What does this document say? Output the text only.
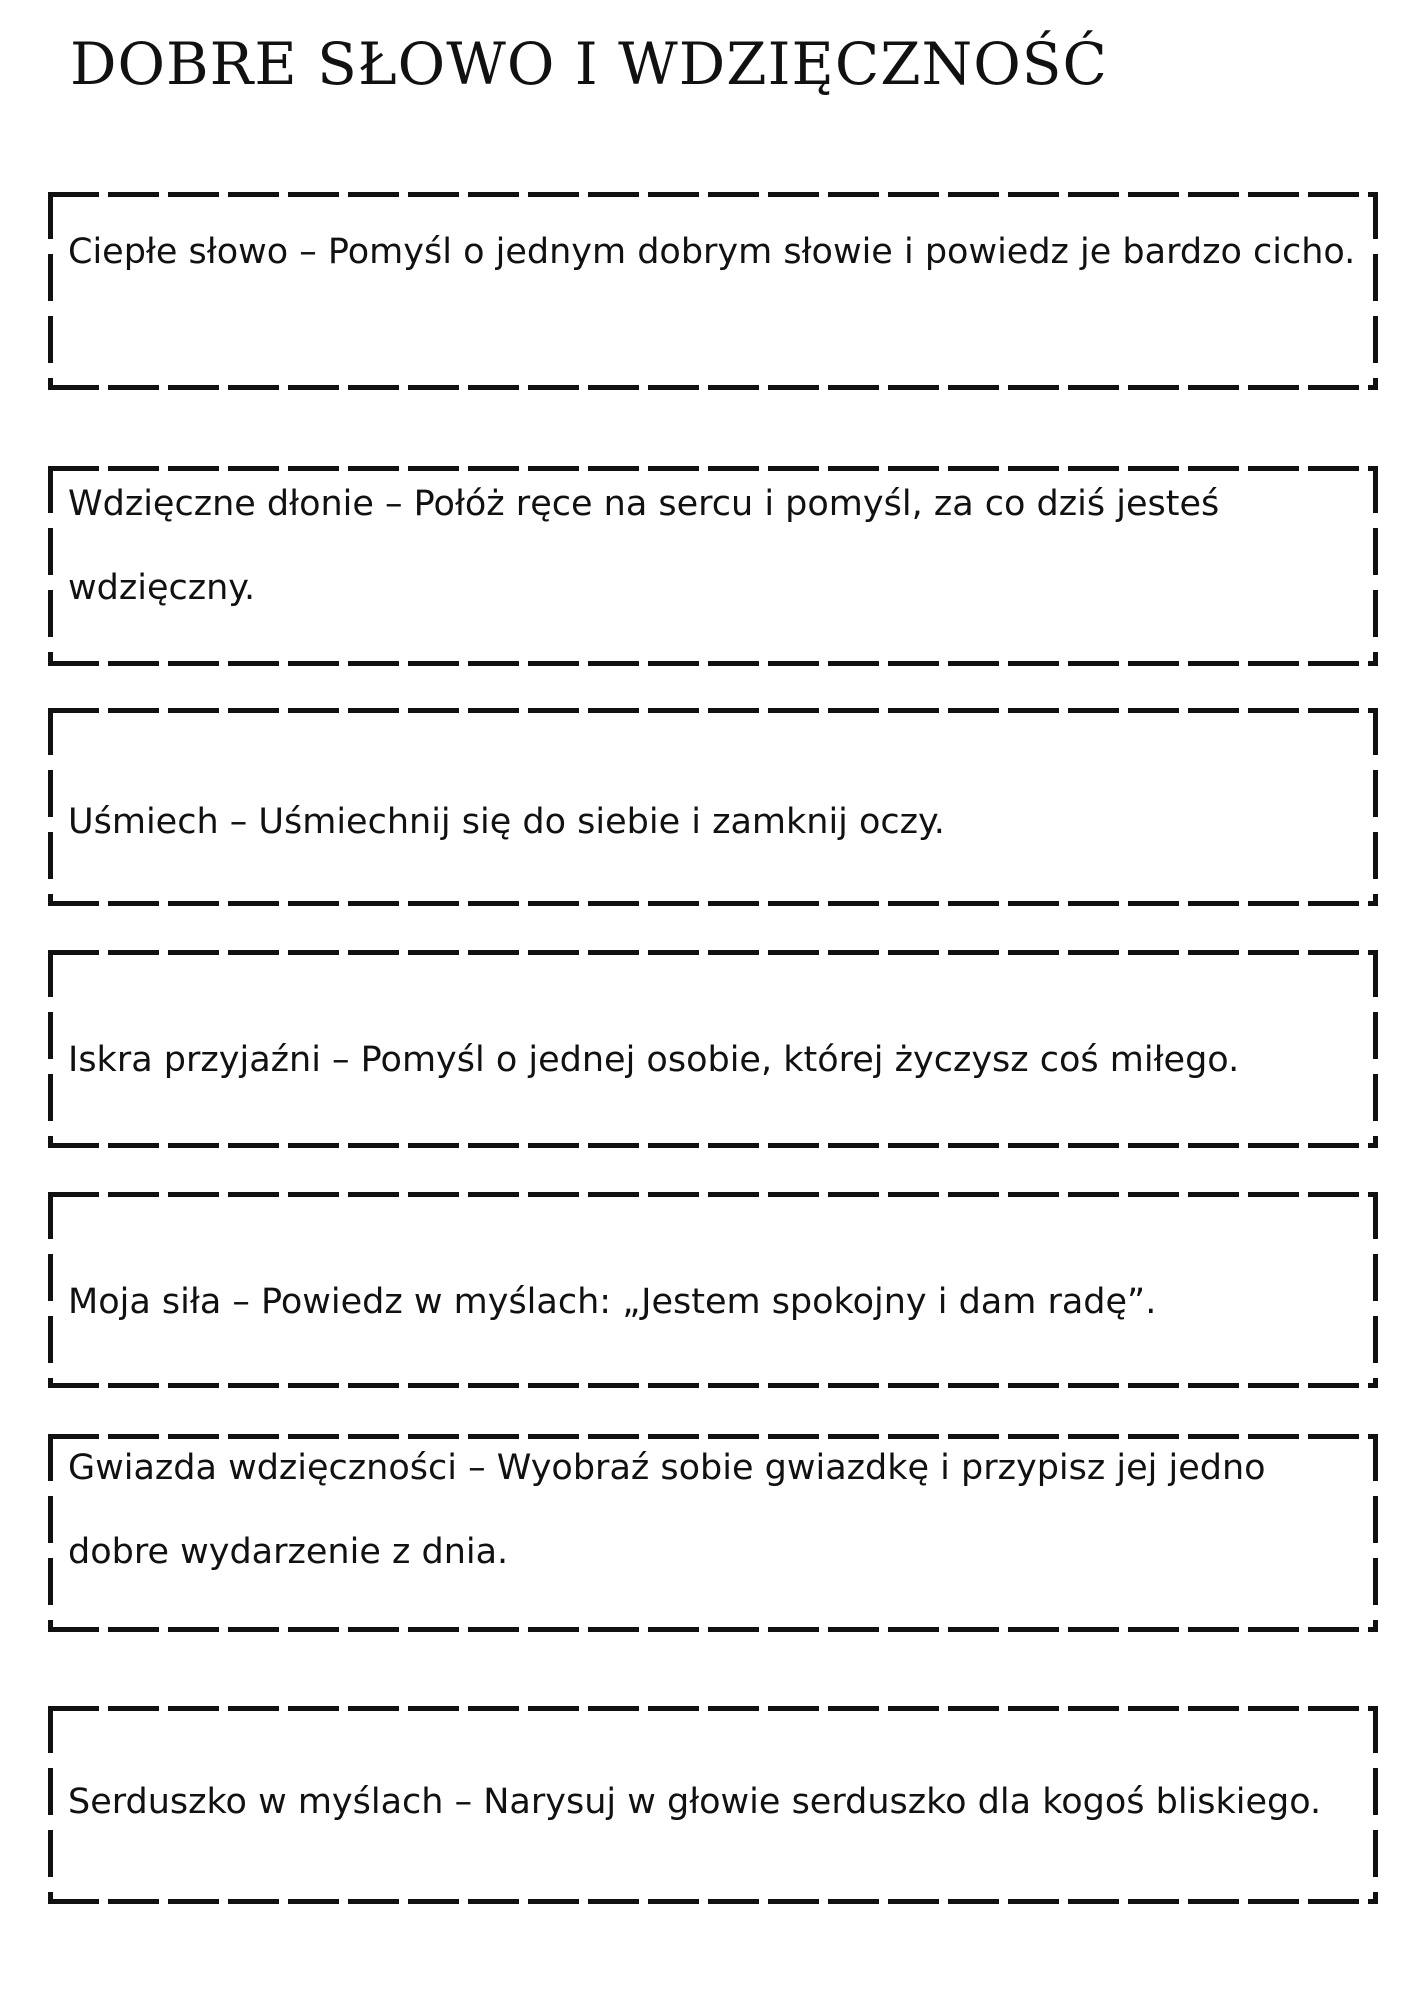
DOBRE SŁOWO I WDZIĘCZNOŚĆ

Ciepłe słowo – Pomyśl o jednym dobrym słowie i powiedz je bardzo cicho.

Wdzięczne dłonie – Połóż ręce na sercu i pomyśl, za co dziś jesteś wdzięczny.

Uśmiech – Uśmiechnij się do siebie i zamknij oczy.

Iskra przyjaźni – Pomyśl o jednej osobie, której życzysz coś miłego.

Moja siła – Powiedz w myślach: „Jestem spokojny i dam radę”.

Gwiazda wdzięczności – Wyobraź sobie gwiazdkę i przypisz jej jedno dobre wydarzenie z dnia.

Serduszko w myślach – Narysuj w głowie serduszko dla kogoś bliskiego.
